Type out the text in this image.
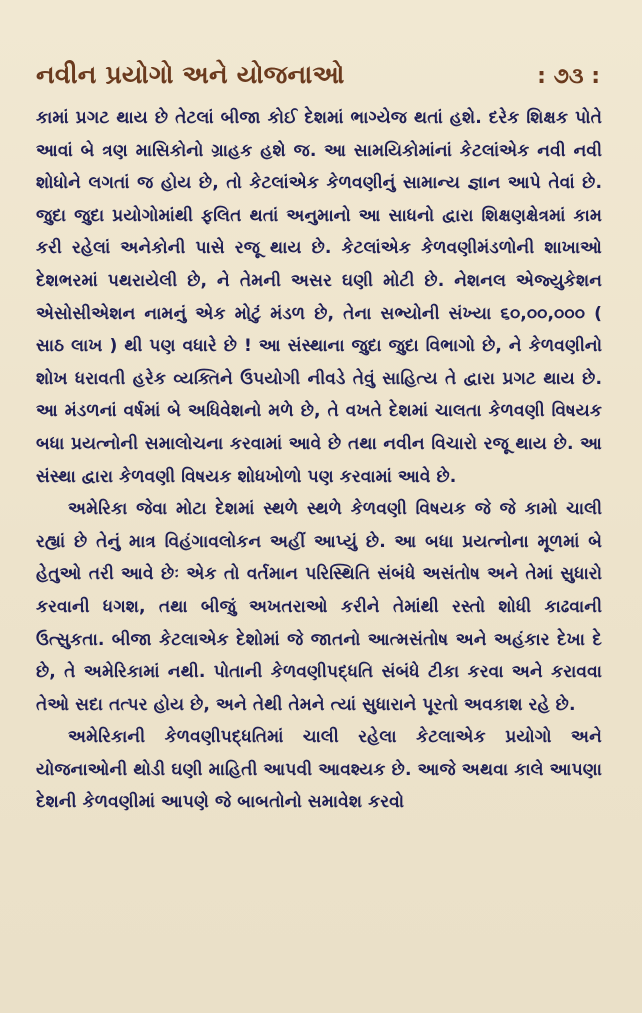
નવીન પ્રયોગો અને યોજનાઓ	: ૭૩ :

કામાં પ્રગટ થાય છે તેટલાં બીજા કોઈ દેશમાં ભાગ્યેજ થતાં હશે. દરેક શિક્ષક પોતે આવાં બે ત્રણ માસિકોનો ગ્રાહક હશે જ. આ સામયિકોમાંનાં કેટલાંએક નવી નવી શોધોને લગતાં જ હોય છે, તો કેટલાંએક કેળવણીનું સામાન્ય જ્ઞાન આપે તેવાં છે. જુદા જુદા પ્રયોગોમાંથી ફલિત થતાં અનુમાનો આ સાધનો દ્વારા શિક્ષણક્ષેત્રમાં કામ કરી રહેલાં અનેકોની પાસે રજૂ થાય છે. કેટલાંએક કેળવણીમંડળોની શાખાઓ દેશભરમાં પથરાયેલી છે, ને તેમની અસર ઘણી મોટી છે. નેશનલ એજ્યુકેશન એસોસીએશન નામનું એક મોટું મંડળ છે, તેના સભ્યોની સંખ્યા ૬૦,૦૦,૦૦૦ ( સાઠ લાખ ) થી પણ વધારે છે ! આ સંસ્થાના જુદા જુદા વિભાગો છે, ને કેળવણીનો શોખ ધરાવતી હરેક વ્યક્તિને ઉપયોગી નીવડે તેવું સાહિત્ય તે દ્વારા પ્રગટ થાય છે. આ મંડળનાં વર્ષમાં બે અધિવેશનો મળે છે, તે વખતે દેશમાં ચાલતા કેળવણી વિષયક બધા પ્રયત્નોની સમાલોચના કરવામાં આવે છે તથા નવીન વિચારો રજૂ થાય છે. આ સંસ્થા દ્વારા કેળવણી વિષયક શોધખોળો પણ કરવામાં આવે છે.

અમેરિકા જેવા મોટા દેશમાં સ્થળે સ્થળે કેળવણી વિષયક જે જે કામો ચાલી રહ્યાં છે તેનું માત્ર વિહંગાવલોકન અહીં આપ્યું છે. આ બધા પ્રયત્નોના મૂળમાં બે હેતુઓ તરી આવે છેઃ એક તો વર્તમાન પરિસ્થિતિ સંબંધે અસંતોષ અને તેમાં સુધારો કરવાની ધગશ, તથા બીજું અખતરાઓ કરીને તેમાંથી રસ્તો શોધી કાઢવાની ઉત્સુકતા. બીજા કેટલાએક દેશોમાં જે જાતનો આત્મસંતોષ અને અહંકાર દેખા દે છે, તે અમેરિકામાં નથી. પોતાની કેળવણીપદ્ધતિ સંબંધે ટીકા કરવા અને કરાવવા તેઓ સદા તત્પર હોય છે, અને તેથી તેમને ત્યાં સુધારાને પૂરતો અવકાશ રહે છે.

અમેરિકાની કેળવણીપદ્ધતિમાં ચાલી રહેલા કેટલાએક પ્રયોગો અને યોજનાઓની થોડી ઘણી માહિતી આપવી આવશ્યક છે. આજે અથવા કાલે આપણા દેશની કેળવણીમાં આપણે જે બાબતોનો સમાવેશ કરવો
